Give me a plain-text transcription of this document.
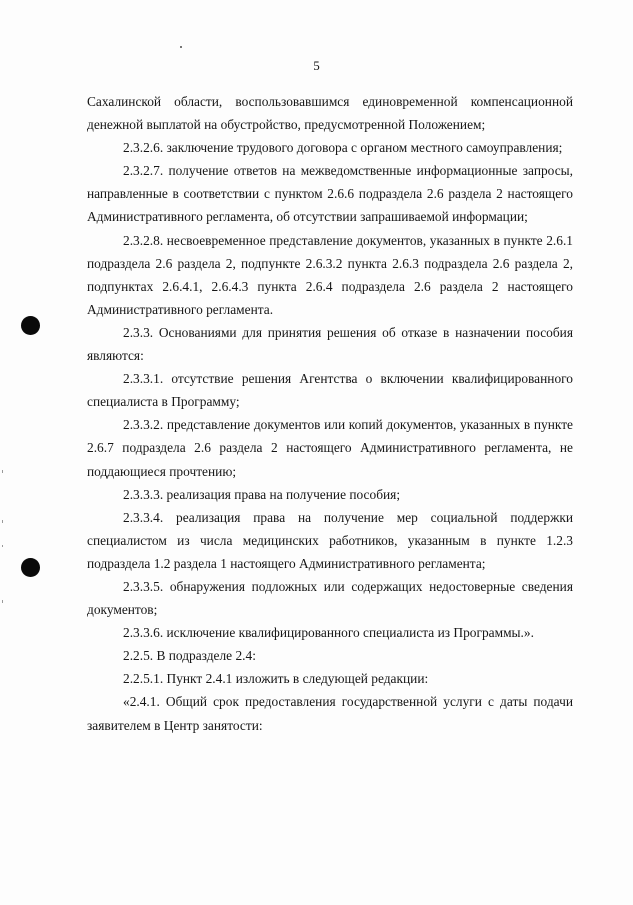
5

Сахалинской области, воспользовавшимся единовременной компенсационной денежной выплатой на обустройство, предусмотренной Положением;

2.3.2.6. заключение трудового договора с органом местного самоуправления;

2.3.2.7. получение ответов на межведомственные информационные запросы, направленные в соответствии с пунктом 2.6.6 подраздела 2.6 раздела 2 настоящего Административного регламента, об отсутствии запрашиваемой информации;

2.3.2.8. несвоевременное представление документов, указанных в пункте 2.6.1 подраздела 2.6 раздела 2, подпункте 2.6.3.2 пункта 2.6.3 подраздела 2.6 раздела 2, подпунктах 2.6.4.1, 2.6.4.3 пункта 2.6.4 подраздела 2.6 раздела 2 настоящего Административного регламента.

2.3.3. Основаниями для принятия решения об отказе в назначении пособия являются:

2.3.3.1. отсутствие решения Агентства о включении квалифицированного специалиста в Программу;

2.3.3.2. представление документов или копий документов, указанных в пункте 2.6.7 подраздела 2.6 раздела 2 настоящего Административного регламента, не поддающиеся прочтению;

2.3.3.3. реализация права на получение пособия;

2.3.3.4. реализация права на получение мер социальной поддержки специалистом из числа медицинских работников, указанным в пункте 1.2.3 подраздела 1.2 раздела 1 настоящего Административного регламента;

2.3.3.5. обнаружения подложных или содержащих недостоверные сведения документов;

2.3.3.6. исключение квалифицированного специалиста из Программы.».

2.2.5. В подразделе 2.4:

2.2.5.1. Пункт 2.4.1 изложить в следующей редакции:

«2.4.1. Общий срок предоставления государственной услуги с даты подачи заявителем в Центр занятости:
